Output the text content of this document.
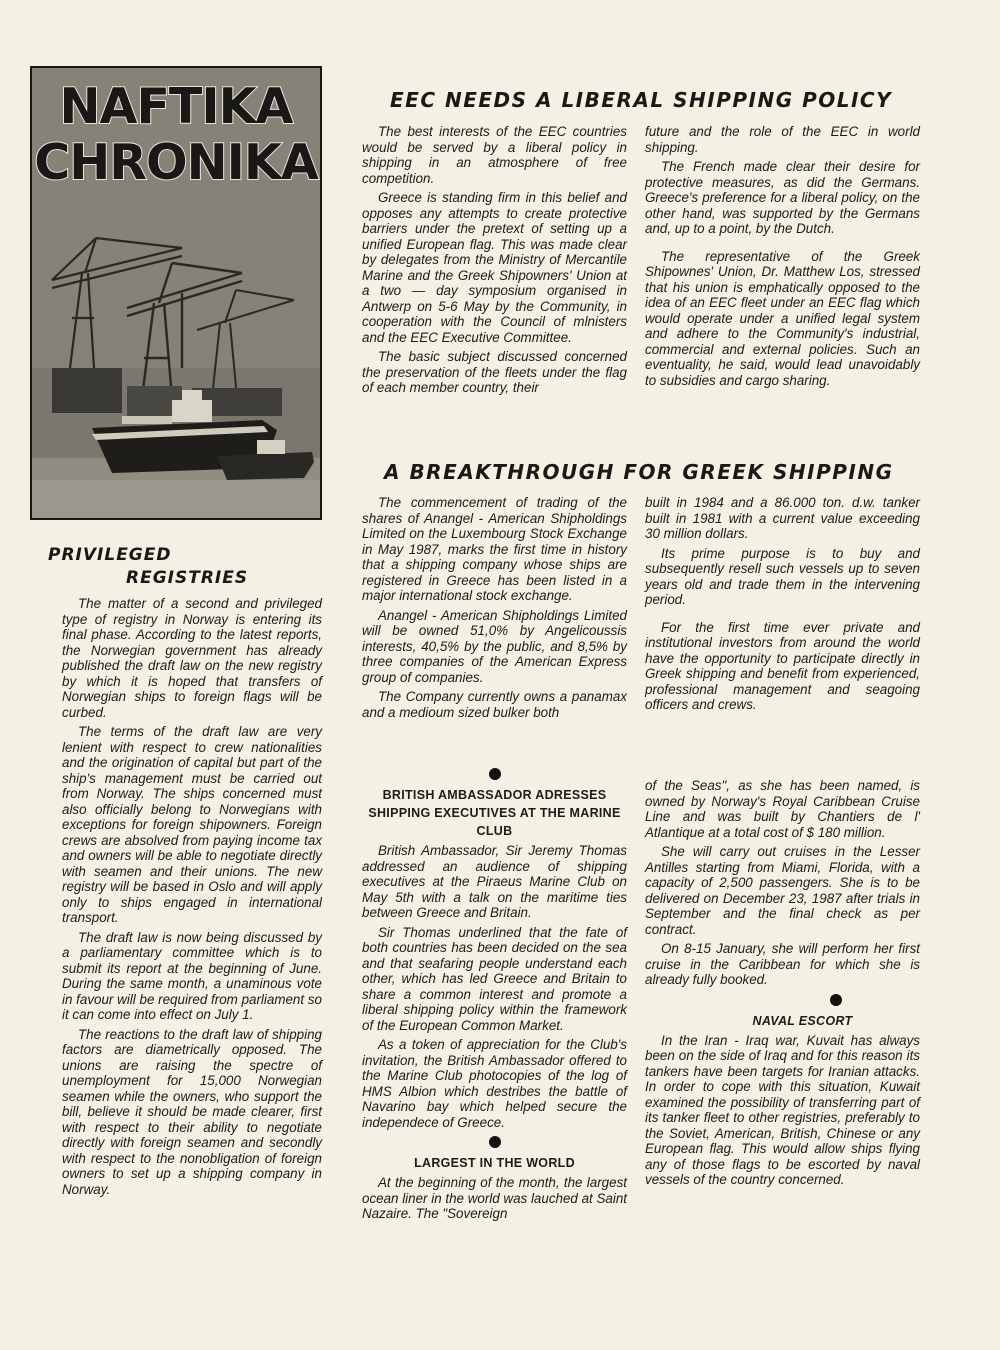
NAFTIKA
CHRONIKA
EEC NEEDS A LIBERAL SHIPPING POLICY

The best interests of the EEC countries would be served by a liberal policy in shipping in an atmosphere of free competition.

Greece is standing firm in this belief and opposes any attempts to create protective barriers under the pretext of setting up a unified European flag. This was made clear by delegates from the Ministry of Mercantile Marine and the Greek Shipowners' Union at a two — day symposium organised in Antwerp on 5-6 May by the Community, in cooperation with the Council of mlnisters and the EEC Executive Committee.

The basic subject discussed concerned the preservation of the fleets under the flag of each member country, their

future and the role of the EEC in world shipping.

The French made clear their desire for protective measures, as did the Germans. Greece's preference for a liberal policy, on the other hand, was supported by the Germans and, up to a point, by the Dutch.

The representative of the Greek Shipownes' Union, Dr. Matthew Los, stressed that his union is emphatically opposed to the idea of an EEC fleet under an EEC flag which would operate under a unified legal system and adhere to the Community's industrial, commercial and external policies. Such an eventuality, he said, would lead unavoidably to subsidies and cargo sharing.

A BREAKTHROUGH FOR GREEK SHIPPING

The commencement of trading of the shares of Anangel - American Shipholdings Limited on the Luxembourg Stock Exchange in May 1987, marks the first time in history that a shipping company whose ships are registered in Greece has been listed in a major international stock exchange.

Anangel - American Shipholdings Limited will be owned 51,0% by Angelicoussis interests, 40,5% by the public, and 8,5% by three companies of the American Express group of companies.

The Company currently owns a panamax and a medioum sized bulker both

built in 1984 and a 86.000 ton. d.w. tanker built in 1981 with a current value exceeding 30 million dollars.

Its prime purpose is to buy and subsequently resell such vessels up to seven years old and trade them in the intervening period.

For the first time ever private and institutional investors from around the world have the opportunity to participate directly in Greek shipping and benefit from experienced, professional management and seagoing officers and crews.

PRIVILEGED
REGISTRIES

The matter of a second and privileged type of registry in Norway is entering its final phase. According to the latest reports, the Norwegian government has already published the draft law on the new registry by which it is hoped that transfers of Norwegian ships to foreign flags will be curbed.

The terms of the draft law are very lenient with respect to crew nationalities and the origination of capital but part of the ship's management must be carried out from Norway. The ships concerned must also officially belong to Norwegians with exceptions for foreign shipowners. Foreign crews are absolved from paying income tax and owners will be able to negotiate directly with seamen and their unions. The new registry will be based in Oslo and will apply only to ships engaged in international transport.

The draft law is now being discussed by a parliamentary committee which is to submit its report at the beginning of June. During the same month, a unaminous vote in favour will be required from parliament so it can come into effect on July 1.

The reactions to the draft law of shipping factors are diametrically opposed. The unions are raising the spectre of unemployment for 15,000 Norwegian seamen while the owners, who support the bill, believe it should be made clearer, first with respect to their ability to negotiate directly with foreign seamen and secondly with respect to the nonobligation of foreign owners to set up a shipping company in Norway.

BRITISH AMBASSADOR ADRESSES SHIPPING EXECUTIVES AT THE MARINE CLUB

British Ambassador, Sir Jeremy Thomas addressed an audience of shipping executives at the Piraeus Marine Club on May 5th with a talk on the maritime ties between Greece and Britain.

Sir Thomas underlined that the fate of both countries has been decided on the sea and that seafaring people understand each other, which has led Greece and Britain to share a common interest and promote a liberal shipping policy within the framework of the European Common Market.

As a token of appreciation for the Club's invitation, the British Ambassador offered to the Marine Club photocopies of the log of HMS Albion which destribes the battle of Navarino bay which helped secure the independece of Greece.

LARGEST IN THE WORLD

At the beginning of the month, the largest ocean liner in the world was lauched at Saint Nazaire. The "Sovereign

of the Seas", as she has been named, is owned by Norway's Royal Caribbean Cruise Line and was built by Chantiers de l' Atlantique at a total cost of $ 180 million.

She will carry out cruises in the Lesser Antilles starting from Miami, Florida, with a capacity of 2,500 passengers. She is to be delivered on December 23, 1987 after trials in September and the final check as per contract.

On 8-15 January, she will perform her first cruise in the Caribbean for which she is already fully booked.

NAVAL ESCORT

In the Iran - Iraq war, Kuvait has always been on the side of Iraq and for this reason its tankers have been targets for Iranian attacks. In order to cope with this situation, Kuwait examined the possibility of transferring part of its tanker fleet to other registries, preferably to the Soviet, American, British, Chinese or any European flag. This would allow ships flying any of those flags to be escorted by naval vessels of the country concerned.
